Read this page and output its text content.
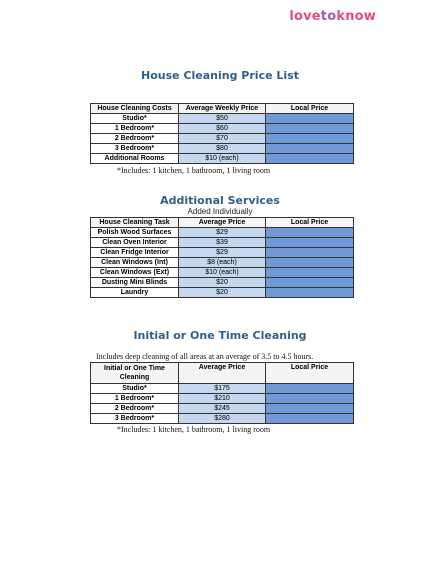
lovetoknow
House Cleaning Price List
House Cleaning Costs	Average Weekly Price	Local Price
Studio*	$50	
1 Bedroom*	$60	
2 Bedroom*	$70	
3 Bedroom*	$80	
Additional Rooms	$10 (each)	
*Includes: 1 kitchen, 1 bathroom, 1 living room
Additional Services
Added Individually
House Cleaning Task	Average Price	Local Price
Polish Wood Surfaces	$29	
Clean Oven Interior	$39	
Clean Fridge Interior	$29	
Clean Windows (Int)	$8 (each)	
Clean Windows (Ext)	$10 (each)	
Dusting Mini Blinds	$20	
Laundry	$20	
Initial or One Time Cleaning
Includes deep cleaning of all areas at an average of 3.5 to 4.5 hours.
Initial or One Time Cleaning	Average Price	Local Price
Studio*	$175	
1 Bedroom*	$210	
2 Bedroom*	$245	
3 Bedroom*	$280	
*Includes: 1 kitchen, 1 bathroom, 1 living room
